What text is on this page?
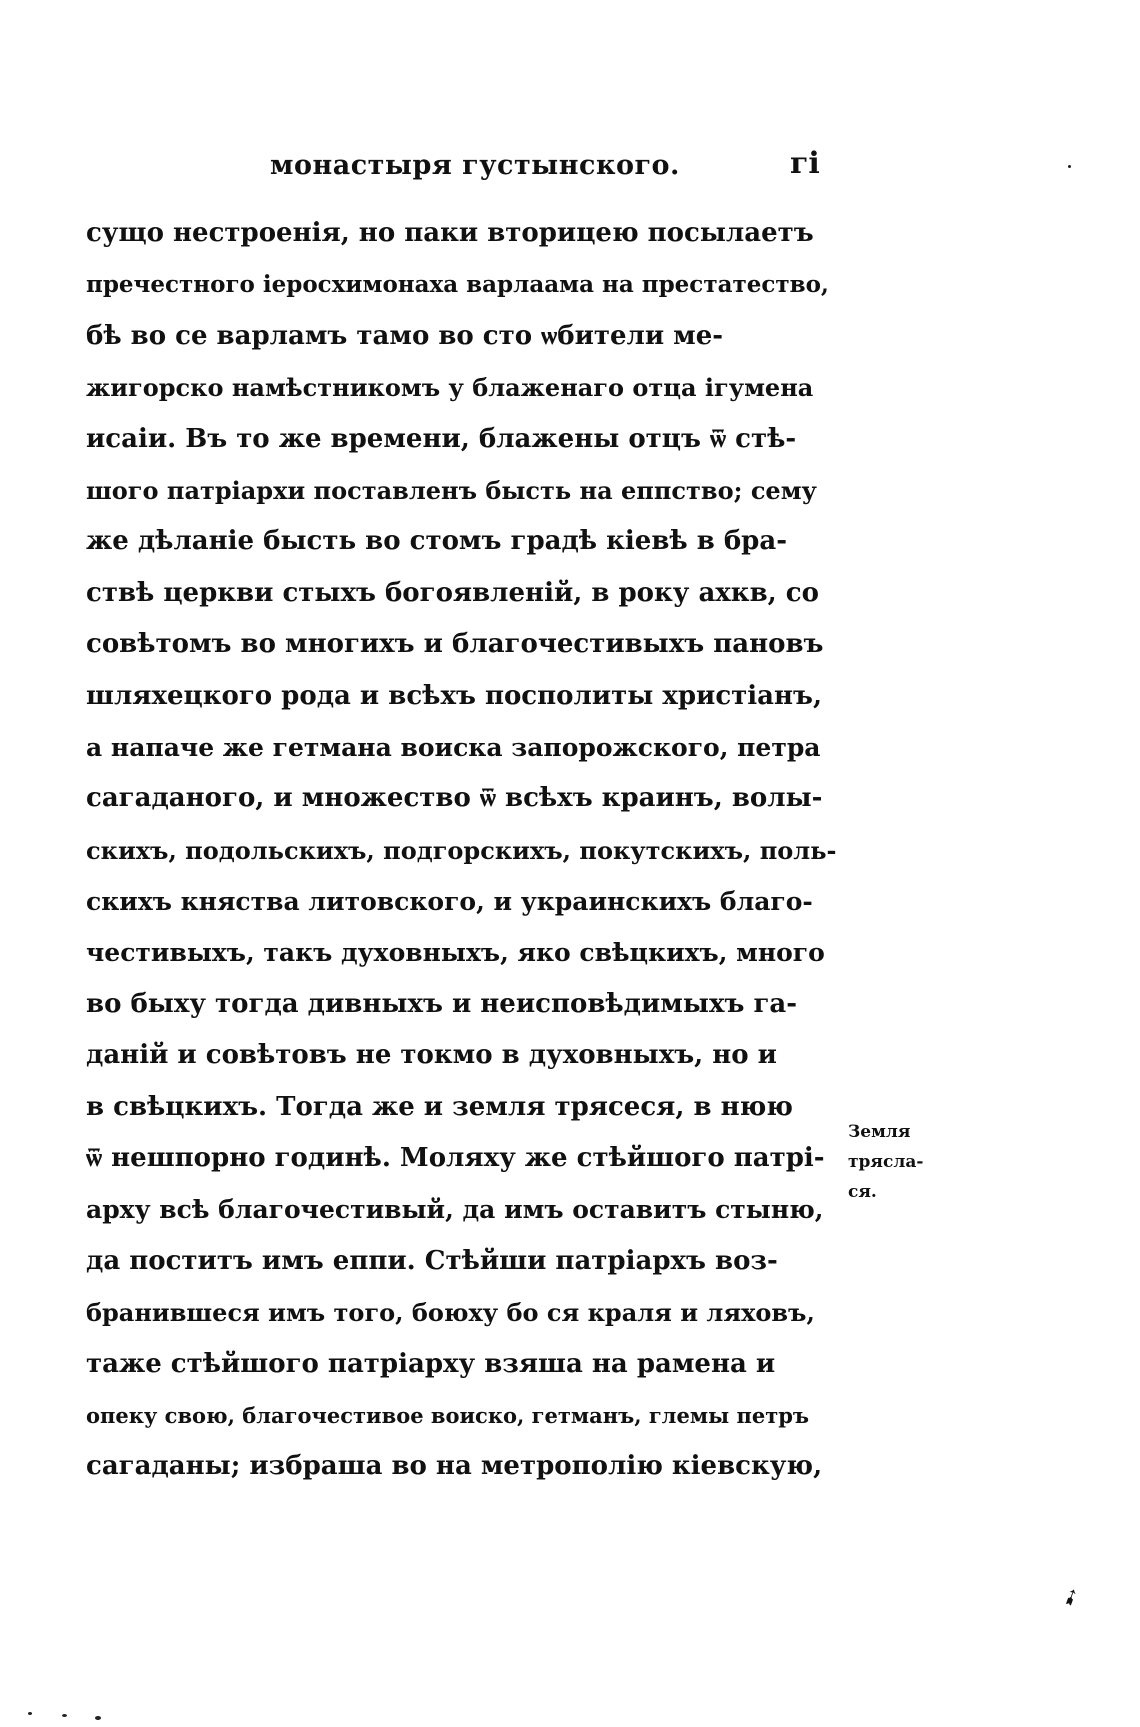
монастыря густынского.	гі
сущо нестроенія, но паки вторицею посылаетъ
пречестного іеросхимонаха варлаама на престатество,
бѣ во се варламъ тамо во сто ѡбители ме-
жигорско намѣстникомъ у блаженаго отца ігумена
исаіи. Въ то же времени, блажены отцъ ѿ стѣ-
шого патріархи поставленъ бысть на еппство; сему
же дѣланіе бысть во стомъ градѣ кіевѣ в бра-
ствѣ церкви стыхъ богоявленій, в року ахкв, со
совѣтомъ во многихъ и благочестивыхъ пановъ
шляхецкого рода и всѣхъ посполиты христіанъ,
а напаче же гетмана воиска запорожского, петра
сагаданого, и множество ѿ всѣхъ краинъ, волы-
скихъ, подольскихъ, подгорскихъ, покутскихъ, поль-
скихъ княства литовского, и украинскихъ благо-
честивыхъ, такъ духовныхъ, яко свѣцкихъ, много
во быху тогда дивныхъ и неисповѣдимыхъ га-
даній и совѣтовъ не токмо в духовныхъ, но и
в свѣцкихъ. Тогда же и земля трясеся, в нюю
ѿ нешпорно годинѣ. Моляху же стѣйшого патрі-
арху всѣ благочестивый, да имъ оставитъ стыню,
да поститъ имъ еппи. Стѣйши патріархъ воз-
бранившеся имъ того, боюху бо ся краля и ляховъ,
таже стѣйшого патріарху взяша на рамена и
опеку свою, благочестивое воиско, гетманъ, глемы петръ
сагаданы; избраша во на метрополію кіевскую,
Земля
трясла-
ся.
➹
